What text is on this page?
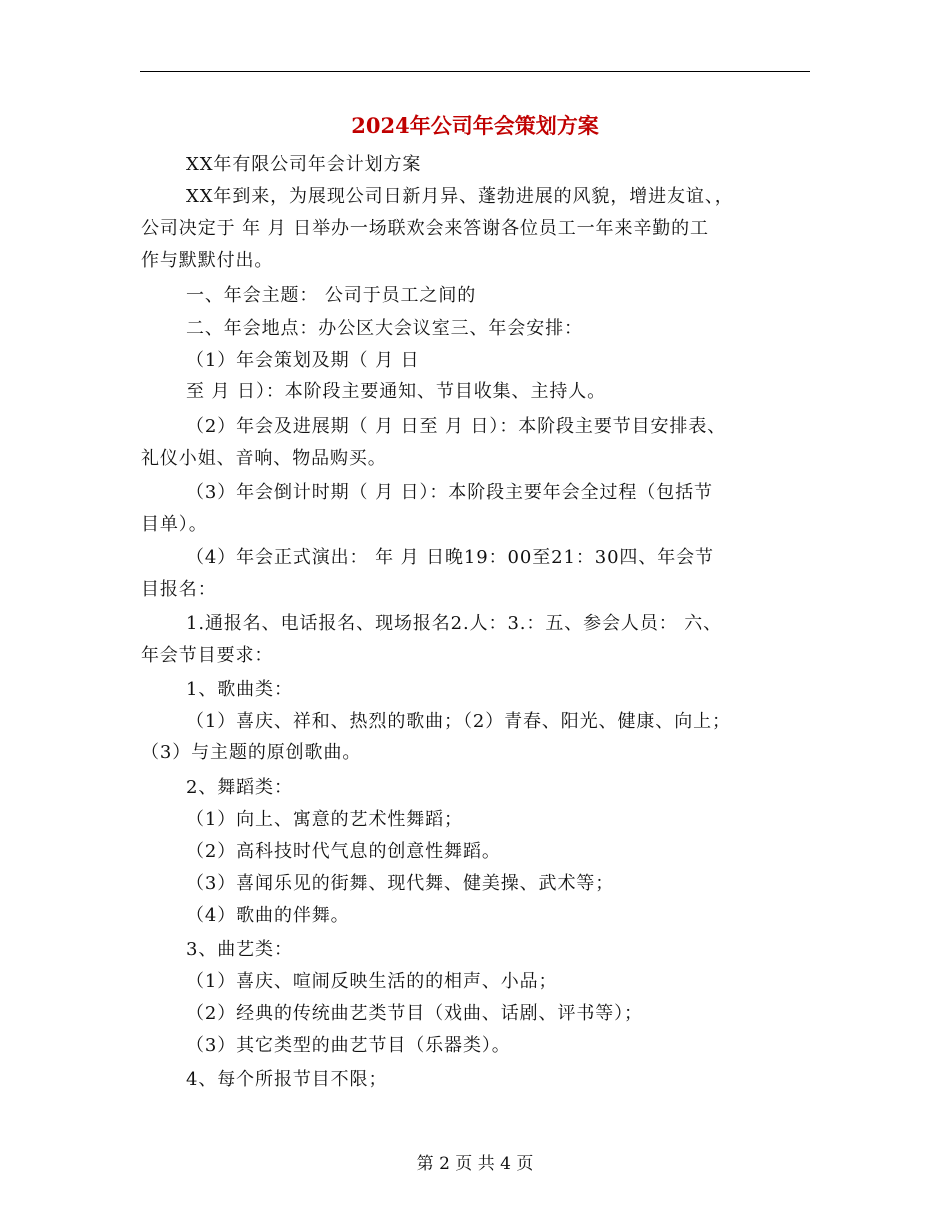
2024年公司年会策划方案
XX年有限公司年会计划方案
XX年到来，为展现公司日新月异、蓬勃进展的风貌，增进友谊、，
公司决定于 年 月 日举办一场联欢会来答谢各位员工一年来辛勤的工
作与默默付出。
一、年会主题： 公司于员工之间的
二、年会地点：办公区大会议室三、年会安排：
（1）年会策划及期（ 月 日
至 月 日）：本阶段主要通知、节目收集、主持人。
（2）年会及进展期（ 月 日至 月 日）：本阶段主要节目安排表、
礼仪小姐、音响、物品购买。
（3）年会倒计时期（ 月 日）：本阶段主要年会全过程（包括节
目单）。
（4）年会正式演出： 年 月 日晚19：00至21：30四、年会节
目报名：
1.通报名、电话报名、现场报名2.人：3.：五、参会人员： 六、
年会节目要求：
1、歌曲类：
（1）喜庆、祥和、热烈的歌曲；（2）青春、阳光、健康、向上；
（3）与主题的原创歌曲。
2、舞蹈类：
（1）向上、寓意的艺术性舞蹈；
（2）高科技时代气息的创意性舞蹈。
（3）喜闻乐见的街舞、现代舞、健美操、武术等；
（4）歌曲的伴舞。
3、曲艺类：
（1）喜庆、喧闹反映生活的的相声、小品；
（2）经典的传统曲艺类节目（戏曲、话剧、评书等）；
（3）其它类型的曲艺节目（乐器类）。
4、每个所报节目不限；
第 2 页 共 4 页
